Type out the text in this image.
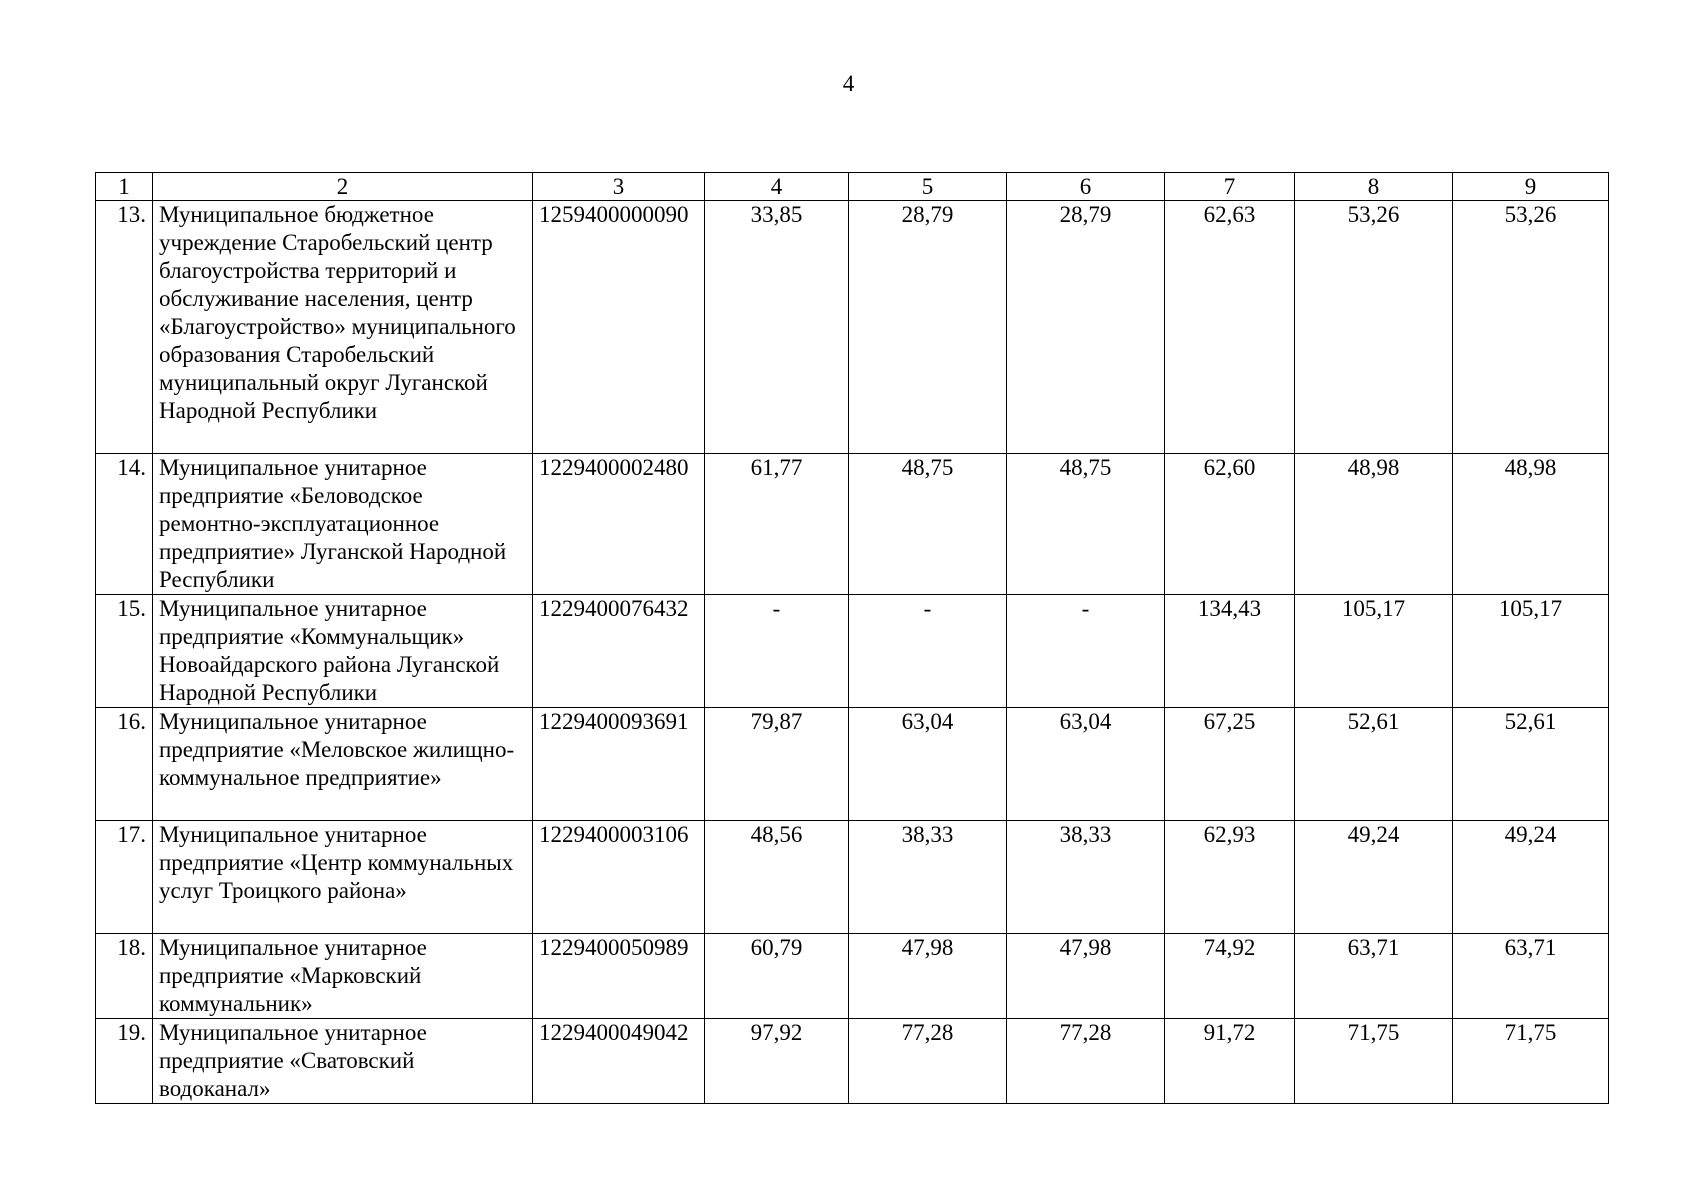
4
1	2	3	4	5	6	7	8	9
13.	Муниципальное бюджетное учреждение Старобельский центр благоустройства территорий и обслуживание населения, центр «Благоустройство» муниципального образования Старобельский муниципальный округ Луганской Народной Республики	1259400000090	33,85	28,79	28,79	62,63	53,26	53,26
14.	Муниципальное унитарное предприятие «Беловодское ремонтно-эксплуатационное предприятие» Луганской Народной Республики	1229400002480	61,77	48,75	48,75	62,60	48,98	48,98
15.	Муниципальное унитарное предприятие «Коммунальщик» Новоайдарского района Луганской Народной Республики	1229400076432	-	-	-	134,43	105,17	105,17
16.	Муниципальное унитарное предприятие «Меловское жилищно-коммунальное предприятие»	1229400093691	79,87	63,04	63,04	67,25	52,61	52,61
17.	Муниципальное унитарное предприятие «Центр коммунальных услуг Троицкого района»	1229400003106	48,56	38,33	38,33	62,93	49,24	49,24
18.	Муниципальное унитарное предприятие «Марковский коммунальник»	1229400050989	60,79	47,98	47,98	74,92	63,71	63,71
19.	Муниципальное унитарное предприятие «Сватовский водоканал»	1229400049042	97,92	77,28	77,28	91,72	71,75	71,75
